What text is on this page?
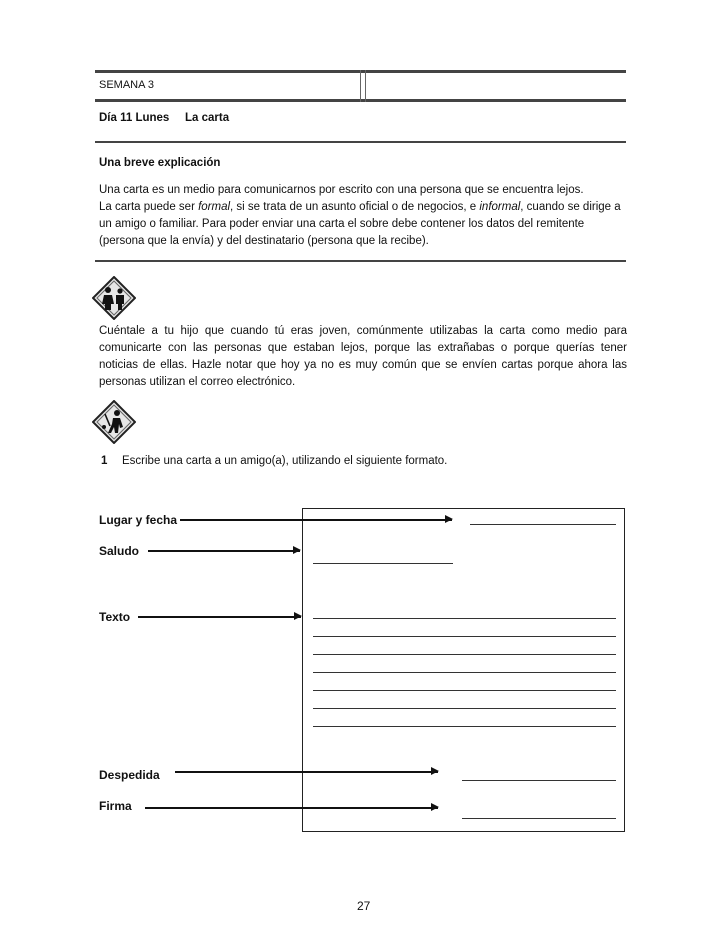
SEMANA 3
Día 11 Lunes La carta
Una breve explicación

Una carta es un medio para comunicarnos por escrito con una persona que se encuentra lejos.

La carta puede ser formal, si se trata de un asunto oficial o de negocios, e informal, cuando se dirige a un amigo o familiar. Para poder enviar una carta el sobre debe contener los datos del remitente (persona que la envía) y del destinatario (persona que la recibe).

Cuéntale a tu hijo que cuando tú eras joven, comúnmente utilizabas la carta como medio para comunicarte con las personas que estaban lejos, porque las extrañabas o porque querías tener noticias de ellas. Hazle notar que hoy ya no es muy común que se envíen cartas porque ahora las personas utilizan el correo electrónico.
1 Escribe una carta a un amigo(a), utilizando el siguiente formato.
Lugar y fecha
Saludo
Texto
Despedida
Firma
27
